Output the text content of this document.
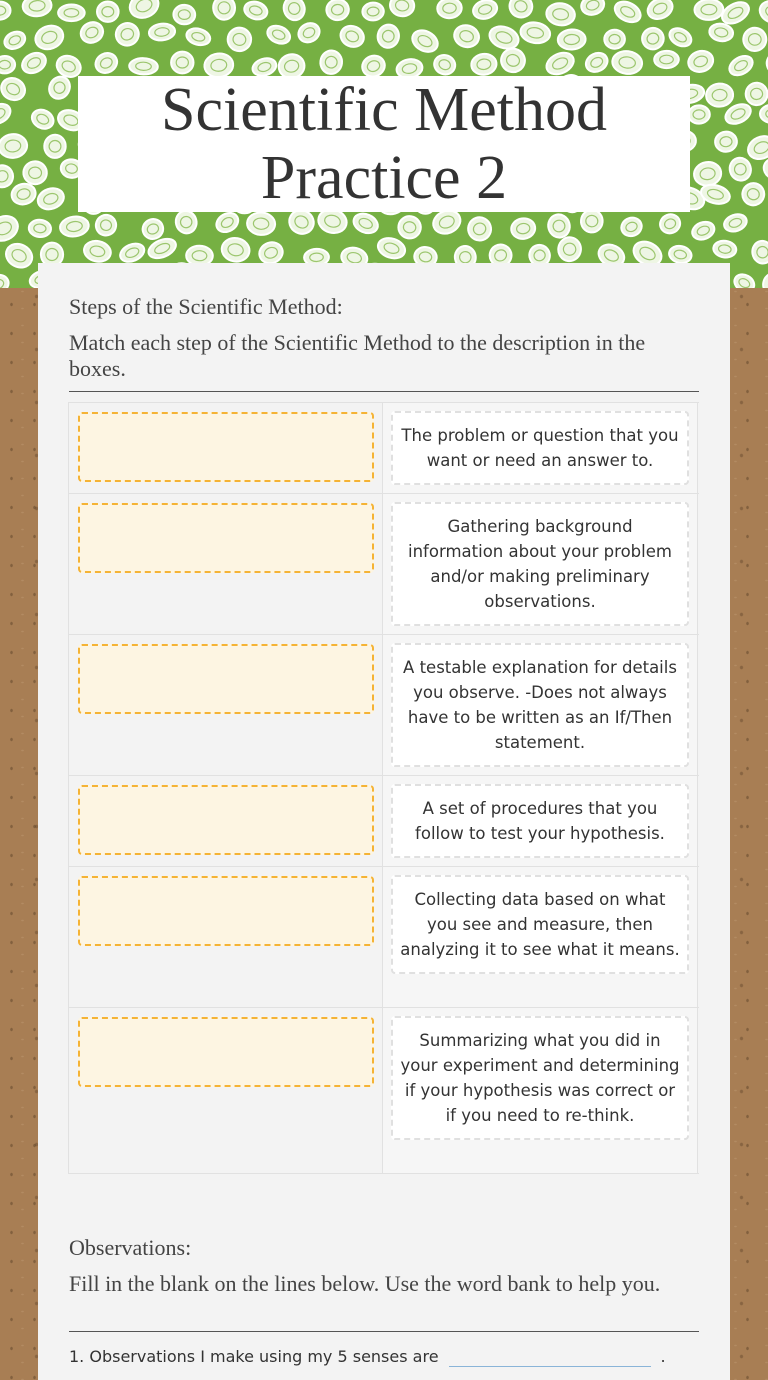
Scientific Method
Practice 2
Steps of the Scientific Method:
Match each step of the Scientific Method to the description in the boxes.
The problem or question that you want or need an answer to.
Gathering background information about your problem and/or making preliminary observations.
A testable explanation for details you observe. -Does not always have to be written as an If/Then statement.
A set of procedures that you follow to test your hypothesis.
Collecting data based on what you see and measure, then analyzing it to see what it means.
Summarizing what you did in your experiment and determining if your hypothesis was correct or if you need to re-think.
Observations:
Fill in the blank on the lines below. Use the word bank to help you.
1. Observations I make using my 5 senses are	.
